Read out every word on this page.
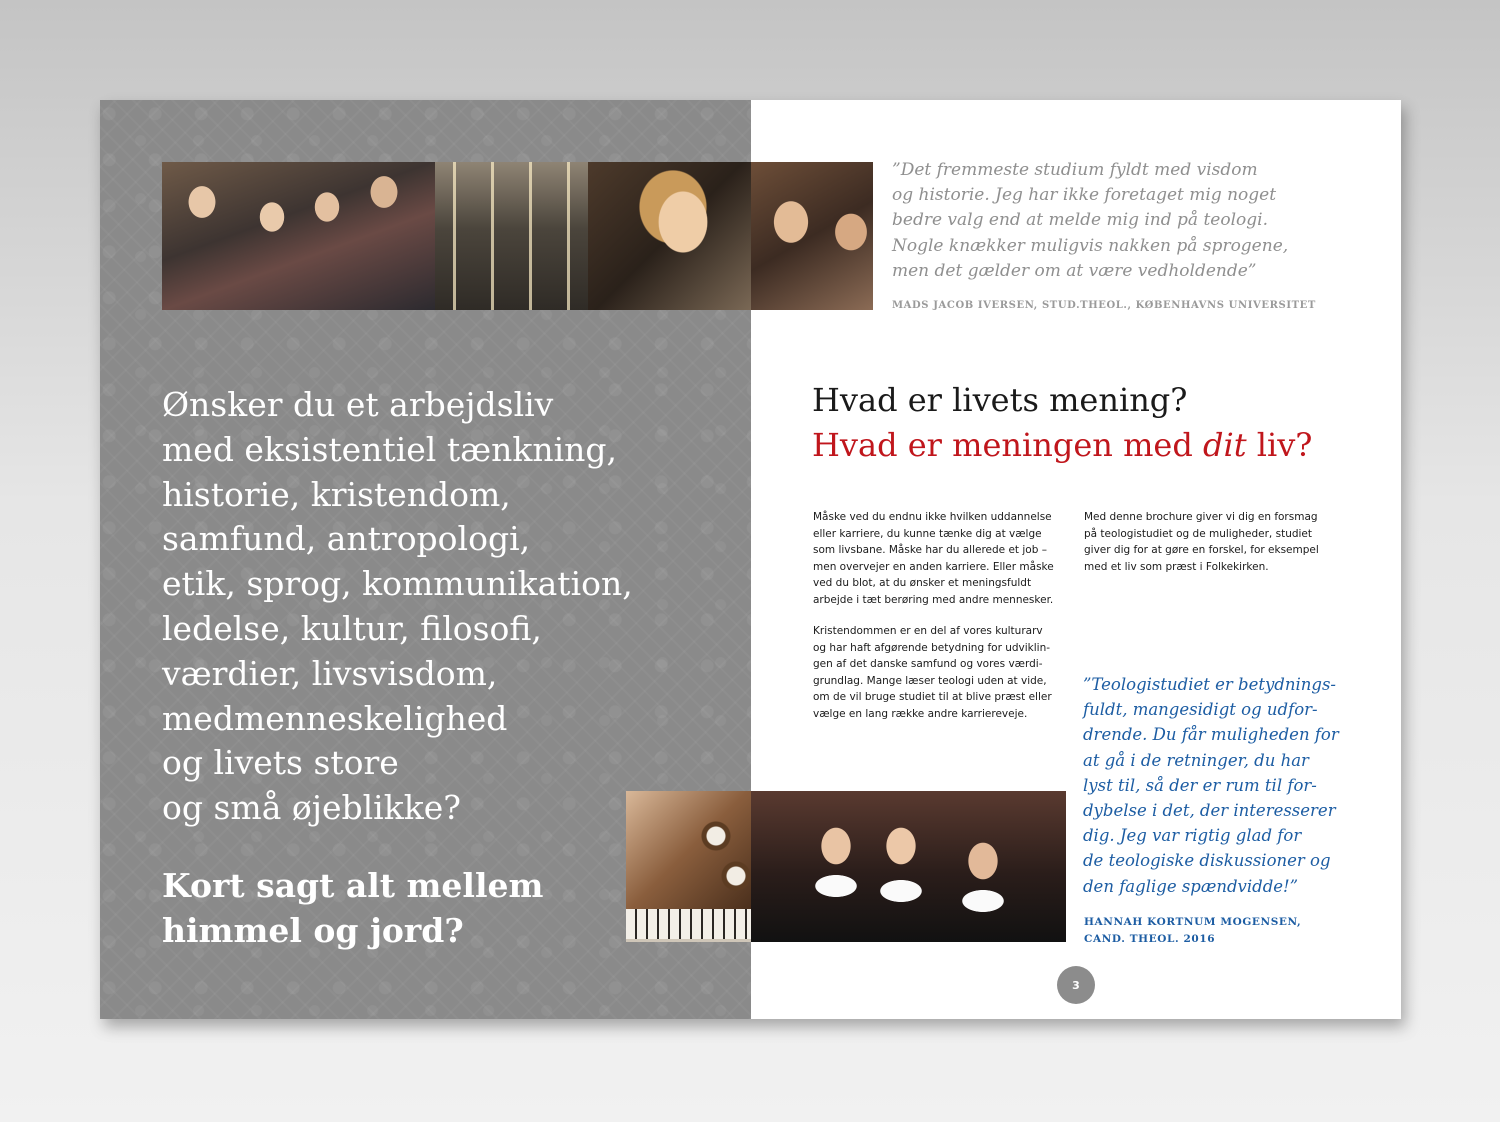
Ønsker du et arbejdsliv
med eksistentiel tænkning,
historie, kristendom,
samfund, antropologi,
etik, sprog, kommunikation,
ledelse, kultur, filosofi,
værdier, livsvisdom,
medmenneskelighed
og livets store
og små øjeblikke?
Kort sagt alt mellem
himmel og jord?

”Det fremmeste studium fyldt med visdom
og historie. Jeg har ikke foretaget mig noget
bedre valg end at melde mig ind på teologi.
Nogle knækker muligvis nakken på sprogene,
men det gælder om at være vedholdende”

MADS JACOB IVERSEN, STUD.THEOL., KØBENHAVNS UNIVERSITET

Hvad er livets mening?
Hvad er meningen med dit liv?

Måske ved du endnu ikke hvilken uddannelse
eller karriere, du kunne tænke dig at vælge
som livsbane. Måske har du allerede et job –
men overvejer en anden karriere. Eller måske
ved du blot, at du ønsker et meningsfuldt
arbejde i tæt berøring med andre mennesker.

Kristendommen er en del af vores kulturarv
og har haft afgørende betydning for udviklin-
gen af det danske samfund og vores værdi-
grundlag. Mange læser teologi uden at vide,
om de vil bruge studiet til at blive præst eller
vælge en lang række andre karriereveje.

Med denne brochure giver vi dig en forsmag
på teologistudiet og de muligheder, studiet
giver dig for at gøre en forskel, for eksempel
med et liv som præst i Folkekirken.

”Teologistudiet er betydnings-
fuldt, mangesidigt og udfor-
drende. Du får muligheden for
at gå i de retninger, du har
lyst til, så der er rum til for-
dybelse i det, der interesserer
dig. Jeg var rigtig glad for
de teologiske diskussioner og
den faglige spændvidde!”

HANNAH KORTNUM MOGENSEN,
CAND. THEOL. 2016

3
